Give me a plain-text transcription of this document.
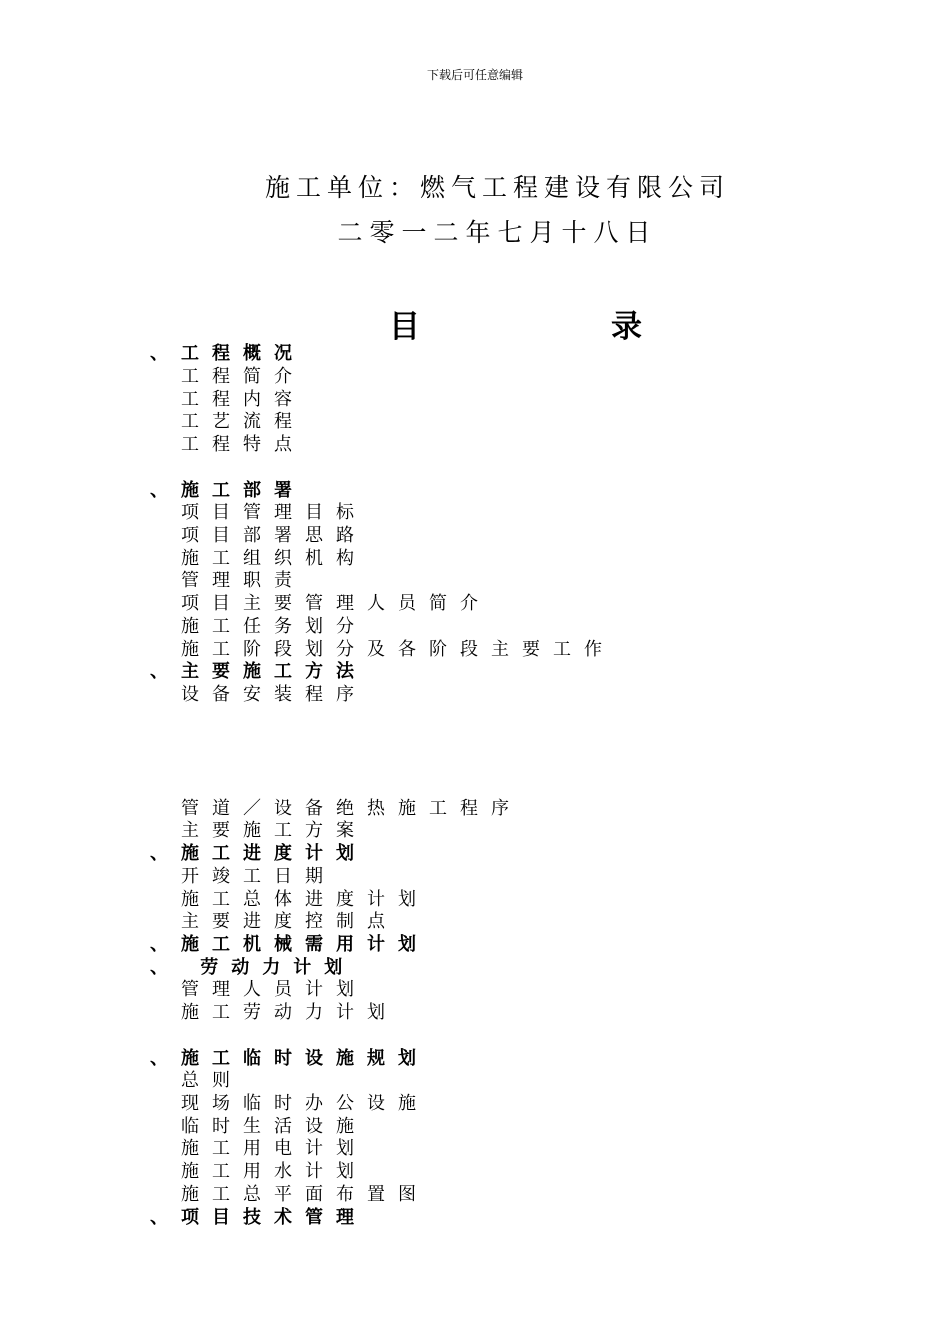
下载后可任意编辑
施工单位：燃气工程建设有限公司
二零一二年七月十八日
目	录
、 工程概况
工程简介
工程内容
工艺流程
工程特点
、 施工部署
项目管理目标
项目部署思路
施工组织机构
管理职责
项目主要管理人员简介
施工任务划分
施工阶段划分及各阶段主要工作
、 主要施工方法
设备安装程序
管道／设备绝热施工程序
主要施工方案
、 施工进度计划
开竣工日期
施工总体进度计划
主要进度控制点
、 施工机械需用计划
、 劳动力计划
管理人员计划
施工劳动力计划
、 施工临时设施规划
总则
现场临时办公设施
临时生活设施
施工用电计划
施工用水计划
施工总平面布置图
、 项目技术管理
